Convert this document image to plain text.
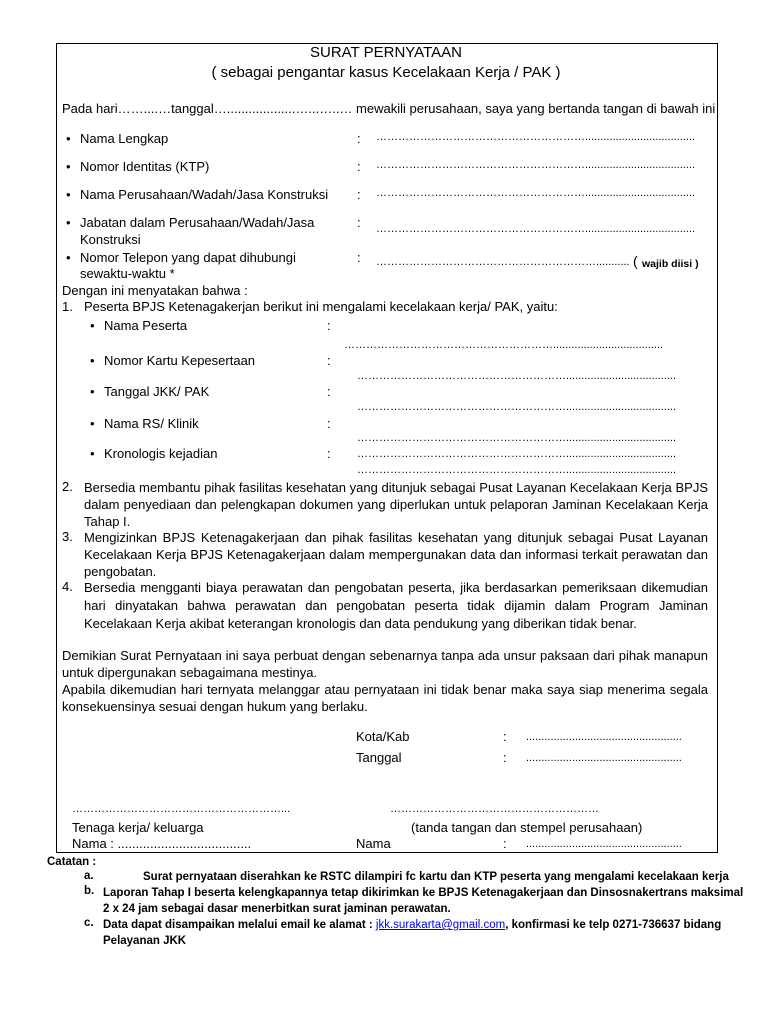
SURAT PERNYATAAN
( sebagai pengantar kasus Kecelakaan Kerja / PAK )
Pada hari……....…tanggal…...................…...…..… mewakili perusahaan, saya yang bertanda tangan di bawah ini
• Nama Lengkap	: …………………………………………………....................................
• Nomor Identitas (KTP)	: …………………………………………………....................................
• Nama Perusahaan/Wadah/Jasa Konstruksi : …………………………………………………....................................
• Jabatan dalam Perusahaan/Wadah/Jasa
Konstruksi
: …………………………………………………....................................
• Nomor Telepon yang dapat dihubungi
sewaktu-waktu *
: ……………………………………………………........... ( wajib diisi )
Dengan ini menyatakan bahwa :
1. Peserta BPJS Ketenagakerjan berikut ini mengalami kecelakaan kerja/ PAK, yaitu:
• Nama Peserta	:
…………………………………………………....................................
• Nomor Kartu Kepesertaan	:
…………………………………………………....................................
• Tanggal JKK/ PAK	:
…………………………………………………....................................
• Nama RS/ Klinik	:
…………………………………………………....................................
• Kronologis kejadian	: …………………………………………………....................................
…………………………………………………....................................
2. Bersedia membantu pihak fasilitas kesehatan yang ditunjuk sebagai Pusat Layanan Kecelakaan Kerja BPJS dalam penyediaan dan pelengkapan dokumen yang diperlukan untuk pelaporan Jaminan Kecelakaan Kerja Tahap I.
3. Mengizinkan BPJS Ketenagakerjaan dan pihak fasilitas kesehatan yang ditunjuk sebagai Pusat Layanan Kecelakaan Kerja BPJS Ketenagakerjaan dalam mempergunakan data dan informasi terkait perawatan dan pengobatan.
4. Bersedia mengganti biaya perawatan dan pengobatan peserta, jika berdasarkan pemeriksaan dikemudian hari dinyatakan bahwa perawatan dan pengobatan peserta tidak dijamin dalam Program Jaminan Kecelakaan Kerja akibat keterangan kronologis dan data pendukung yang diberikan tidak benar.
Demikian Surat Pernyataan ini saya perbuat dengan sebenarnya tanpa ada unsur paksaan dari pihak manapun untuk dipergunakan sebagaimana mestinya.
Apabila dikemudian hari ternyata melanggar atau pernyataan ini tidak benar maka saya siap menerima segala konsekuensinya sesuai dengan hukum yang berlaku.
Kota/Kab	: ...................................................
Tanggal	: ...................................................
…………………………………………………...	…………………………………………………
Tenaga kerja/ keluarga	(tanda tangan dan stempel perusahaan)
Nama : .....................................	Nama	: ...................................................
Catatan :
a.	Surat pernyataan diserahkan ke RSTC dilampiri fc kartu dan KTP peserta yang mengalami kecelakaan kerja
b. Laporan Tahap I beserta kelengkapannya tetap dikirimkan ke BPJS Ketenagakerjaan dan Dinsosnakertrans maksimal
2 x 24 jam sebagai dasar menerbitkan surat jaminan perawatan.
c. Data dapat disampaikan melalui email ke alamat : jkk.surakarta@gmail.com, konfirmasi ke telp 0271-736637 bidang
Pelayanan JKK
